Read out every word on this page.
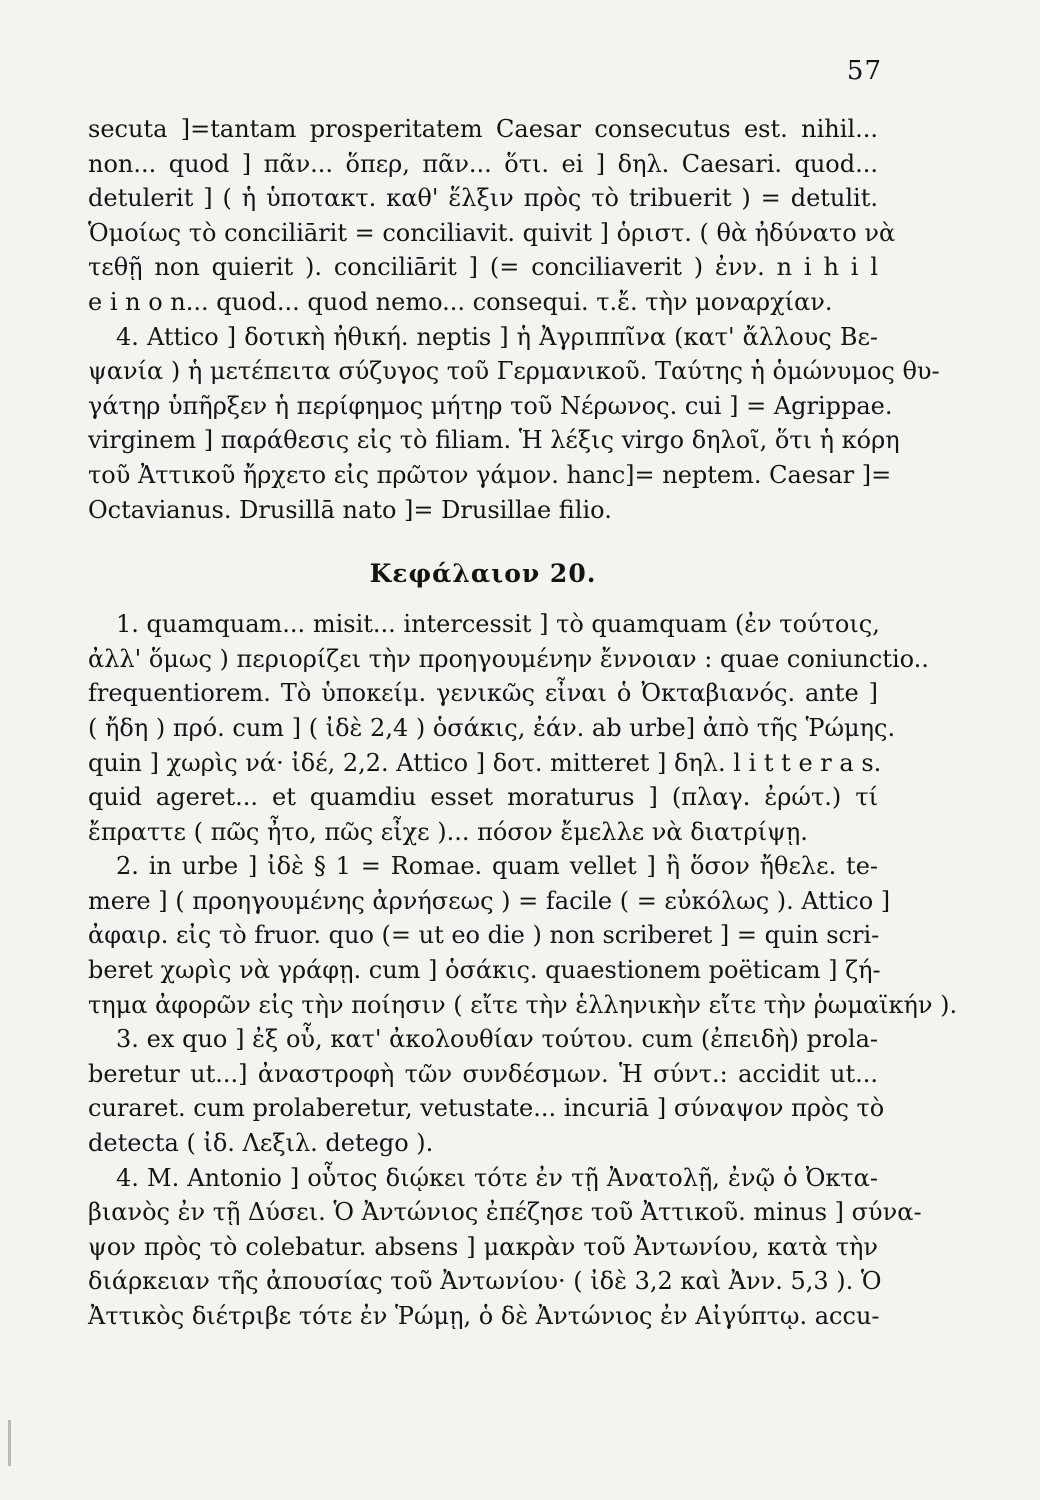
57
secuta ]=tantam prosperitatem Caesar consecutus est. nihil...
non... quod ] πᾶν... ὅπερ, πᾶν... ὅτι. ei ] δηλ. Caesari. quod...
detulerit ] ( ἡ ὑποτακτ. καθ' ἕλξιν πρὸς τὸ tribuerit ) = detulit.
Ὁμοίως τὸ conciliārit = conciliavit. quivit ] ὁριστ. ( θὰ ἠδύνατο νὰ
τεθῇ non quierit ). conciliārit ] (= conciliaverit ) ἐνν. n i h i l
e i n o n... quod... quod nemo... consequi. τ.ἔ. τὴν μοναρχίαν.
4. Attico ] δοτικὴ ἠθική. neptis ] ἡ Ἀγριππῖνα (κατ' ἄλλους Βε-
ψανία ) ἡ μετέπειτα σύζυγος τοῦ Γερμανικοῦ. Ταύτης ἡ ὁμώνυμος θυ-
γάτηρ ὑπῆρξεν ἡ περίφημος μήτηρ τοῦ Νέρωνος. cui ] = Agrippae.
virginem ] παράθεσις εἰς τὸ filiam. Ἡ λέξις virgo δηλοῖ, ὅτι ἡ κόρη
τοῦ Ἀττικοῦ ἤρχετο εἰς πρῶτον γάμον. hanc]= neptem. Caesar ]=
Octavianus. Drusillā nato ]= Drusillae filio.
Κεφάλαιον 20.
1. quamquam... misit... intercessit ] τὸ quamquam (ἐν τούτοις,
ἀλλ' ὅμως ) περιορίζει τὴν προηγουμένην ἔννοιαν : quae coniunctio..
frequentiorem. Τὸ ὑποκείμ. γενικῶς εἶναι ὁ Ὀκταβιανός. ante ]
( ἤδη ) πρό. cum ] ( ἰδὲ 2,4 ) ὁσάκις, ἐάν. ab urbe] ἀπὸ τῆς Ῥώμης.
quin ] χωρὶς νά· ἰδέ, 2,2. Attico ] δοτ. mitteret ] δηλ. l i t t e r a s.
quid ageret... et quamdiu esset moraturus ] (πλαγ. ἐρώτ.) τί
ἔπραττε ( πῶς ἦτο, πῶς εἶχε )... πόσον ἔμελλε νὰ διατρίψῃ.
2. in urbe ] ἰδὲ § 1 = Romae. quam vellet ] ἢ ὅσον ἤθελε. te-
mere ] ( προηγουμένης ἀρνήσεως ) = facile ( = εὐκόλως ). Attico ]
ἀφαιρ. εἰς τὸ fruor. quo (= ut eo die ) non scriberet ] = quin scri-
beret χωρὶς νὰ γράφῃ. cum ] ὁσάκις. quaestionem poëticam ] ζή-
τημα ἀφορῶν εἰς τὴν ποίησιν ( εἴτε τὴν ἑλληνικὴν εἴτε τὴν ῥωμαϊκήν ).
3. ex quo ] ἐξ οὗ, κατ' ἀκολουθίαν τούτου. cum (ἐπειδὴ) prola-
beretur ut...] ἀναστροφὴ τῶν συνδέσμων. Ἡ σύντ.: accidit ut...
curaret. cum prolaberetur, vetustate... incuriā ] σύναψον πρὸς τὸ
detecta ( ἰδ. Λεξιλ. detego ).
4. M. Antonio ] οὗτος διῴκει τότε ἐν τῇ Ἀνατολῇ, ἐνῷ ὁ Ὀκτα-
βιανὸς ἐν τῇ Δύσει. Ὁ Ἀντώνιος ἐπέζησε τοῦ Ἀττικοῦ. minus ] σύνα-
ψον πρὸς τὸ colebatur. absens ] μακρὰν τοῦ Ἀντωνίου, κατὰ τὴν
διάρκειαν τῆς ἀπουσίας τοῦ Ἀντωνίου· ( ἰδὲ 3,2 καὶ Ἀνν. 5,3 ). Ὁ
Ἀττικὸς διέτριβε τότε ἐν Ῥώμῃ, ὁ δὲ Ἀντώνιος ἐν Αἰγύπτῳ. accu-
